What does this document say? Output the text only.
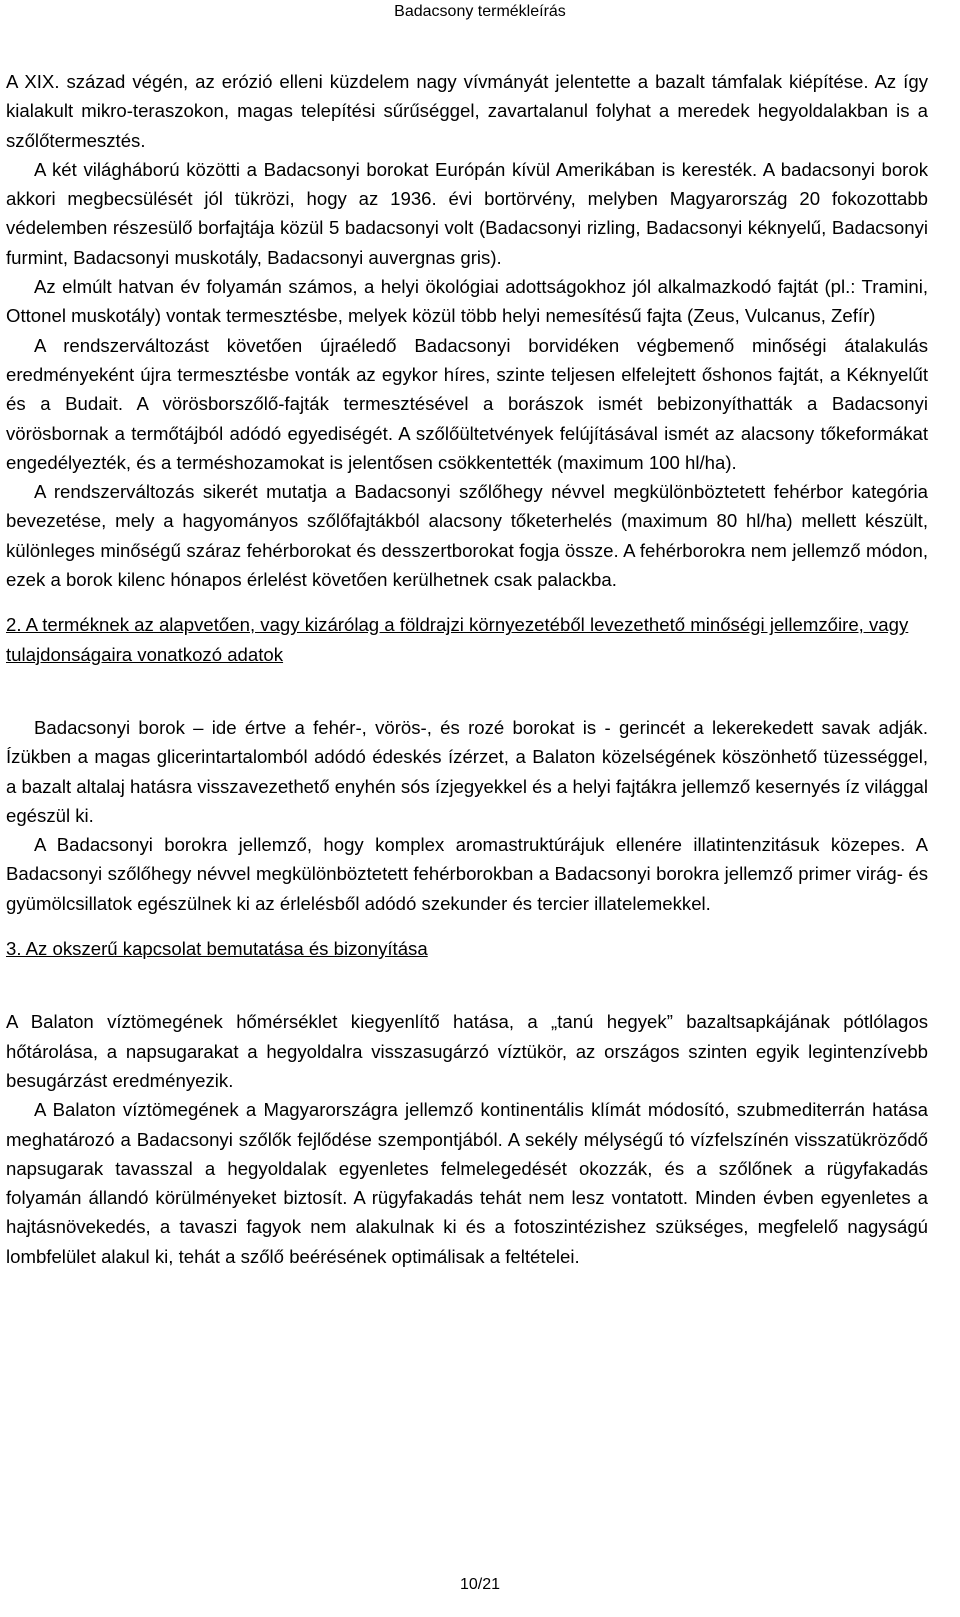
Badacsony termékleírás

A XIX. század végén, az erózió elleni küzdelem nagy vívmányát jelentette a bazalt támfalak kiépítése. Az így kialakult mikro-teraszokon, magas telepítési sűrűséggel, zavartalanul folyhat a meredek hegyoldalakban is a szőlőtermesztés.

A két világháború közötti a Badacsonyi borokat Európán kívül Amerikában is keresték. A badacsonyi borok akkori megbecsülését jól tükrözi, hogy az 1936. évi bortörvény, melyben Magyarország 20 fokozottabb védelemben részesülő borfajtája közül 5 badacsonyi volt (Badacsonyi rizling, Badacsonyi kéknyelű, Badacsonyi furmint, Badacsonyi muskotály, Badacsonyi auvergnas gris).

Az elmúlt hatvan év folyamán számos, a helyi ökológiai adottságokhoz jól alkalmazkodó fajtát (pl.: Tramini, Ottonel muskotály) vontak termesztésbe, melyek közül több helyi nemesítésű fajta (Zeus, Vulcanus, Zefír)

A rendszerváltozást követően újraéledő Badacsonyi borvidéken végbemenő minőségi átalakulás eredményeként újra termesztésbe vonták az egykor híres, szinte teljesen elfelejtett őshonos fajtát, a Kéknyelűt és a Budait. A vörösborszőlő-fajták termesztésével a borászok ismét bebizonyíthatták a Badacsonyi vörösbornak a termőtájból adódó egyediségét. A szőlőültetvények felújításával ismét az alacsony tőkeformákat engedélyezték, és a terméshozamokat is jelentősen csökkentették (maximum 100 hl/ha).

A rendszerváltozás sikerét mutatja a Badacsonyi szőlőhegy névvel megkülönböztetett fehérbor kategória bevezetése, mely a hagyományos szőlőfajtákból alacsony tőketerhelés (maximum 80 hl/ha) mellett készült, különleges minőségű száraz fehérborokat és desszertborokat fogja össze. A fehérborokra nem jellemző módon, ezek a borok kilenc hónapos érlelést követően kerülhetnek csak palackba.

2. A terméknek az alapvetően, vagy kizárólag a földrajzi környezetéből levezethető minőségi jellemzőire, vagy tulajdonságaira vonatkozó adatok

Badacsonyi borok – ide értve a fehér-, vörös-, és rozé borokat is - gerincét a lekerekedett savak adják. Ízükben a magas glicerintartalomból adódó édeskés ízérzet, a Balaton közelségének köszönhető tüzességgel, a bazalt altalaj hatásra visszavezethető enyhén sós ízjegyekkel és a helyi fajtákra jellemző kesernyés íz világgal egészül ki.

A Badacsonyi borokra jellemző, hogy komplex aromastruktúrájuk ellenére illatintenzitásuk közepes. A Badacsonyi szőlőhegy névvel megkülönböztetett fehérborokban a Badacsonyi borokra jellemző primer virág- és gyümölcsillatok egészülnek ki az érlelésből adódó szekunder és tercier illatelemekkel.

3. Az okszerű kapcsolat bemutatása és bizonyítása

A Balaton víztömegének hőmérséklet kiegyenlítő hatása, a „tanú hegyek” bazaltsapkájának pótlólagos hőtárolása, a napsugarakat a hegyoldalra visszasugárzó víztükör, az országos szinten egyik legintenzívebb besugárzást eredményezik.

A Balaton víztömegének a Magyarországra jellemző kontinentális klímát módosító, szubmediterrán hatása meghatározó a Badacsonyi szőlők fejlődése szempontjából. A sekély mélységű tó vízfelszínén visszatükröződő napsugarak tavasszal a hegyoldalak egyenletes felmelegedését okozzák, és a szőlőnek a rügyfakadás folyamán állandó körülményeket biztosít. A rügyfakadás tehát nem lesz vontatott. Minden évben egyenletes a hajtásnövekedés, a tavaszi fagyok nem alakulnak ki és a fotoszintézishez szükséges, megfelelő nagyságú lombfelület alakul ki, tehát a szőlő beérésének optimálisak a feltételei.

10/21
